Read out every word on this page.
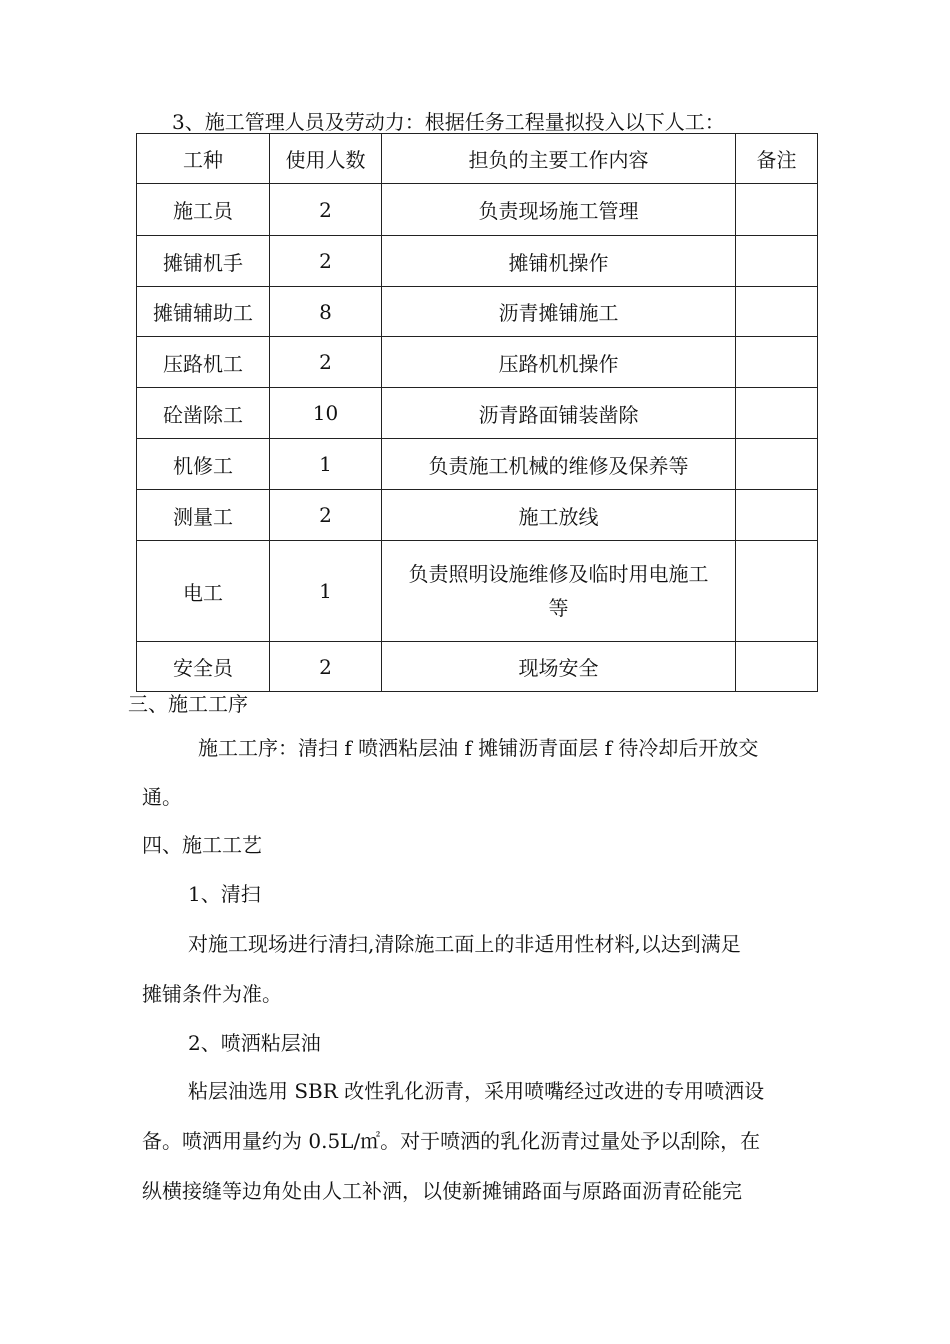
3、施工管理人员及劳动力：根据任务工程量拟投入以下人工：
工种	使用人数	担负的主要工作内容	备注
施工员	2	负责现场施工管理	
摊铺机手	2	摊铺机操作	
摊铺辅助工	8	沥青摊铺施工	
压路机工	2	压路机机操作	
砼凿除工	10	沥青路面铺装凿除	
机修工	1	负责施工机械的维修及保养等	
测量工	2	施工放线	
电工	1	负责照明设施维修及临时用电施工
等	

安全员	2	现场安全	
三、施工工序
施工工序：清扫 f 喷洒粘层油 f 摊铺沥青面层 f 待冷却后开放交
通。
四、施工工艺
1、清扫
对施工现场进行清扫,清除施工面上的非适用性材料,以达到满足
摊铺条件为准。
2、喷洒粘层油
粘层油选用 SBR 改性乳化沥青，采用喷嘴经过改进的专用喷洒设
备。喷洒用量约为 0.5L/㎡。对于喷洒的乳化沥青过量处予以刮除，在
纵横接缝等边角处由人工补洒，以使新摊铺路面与原路面沥青砼能完
